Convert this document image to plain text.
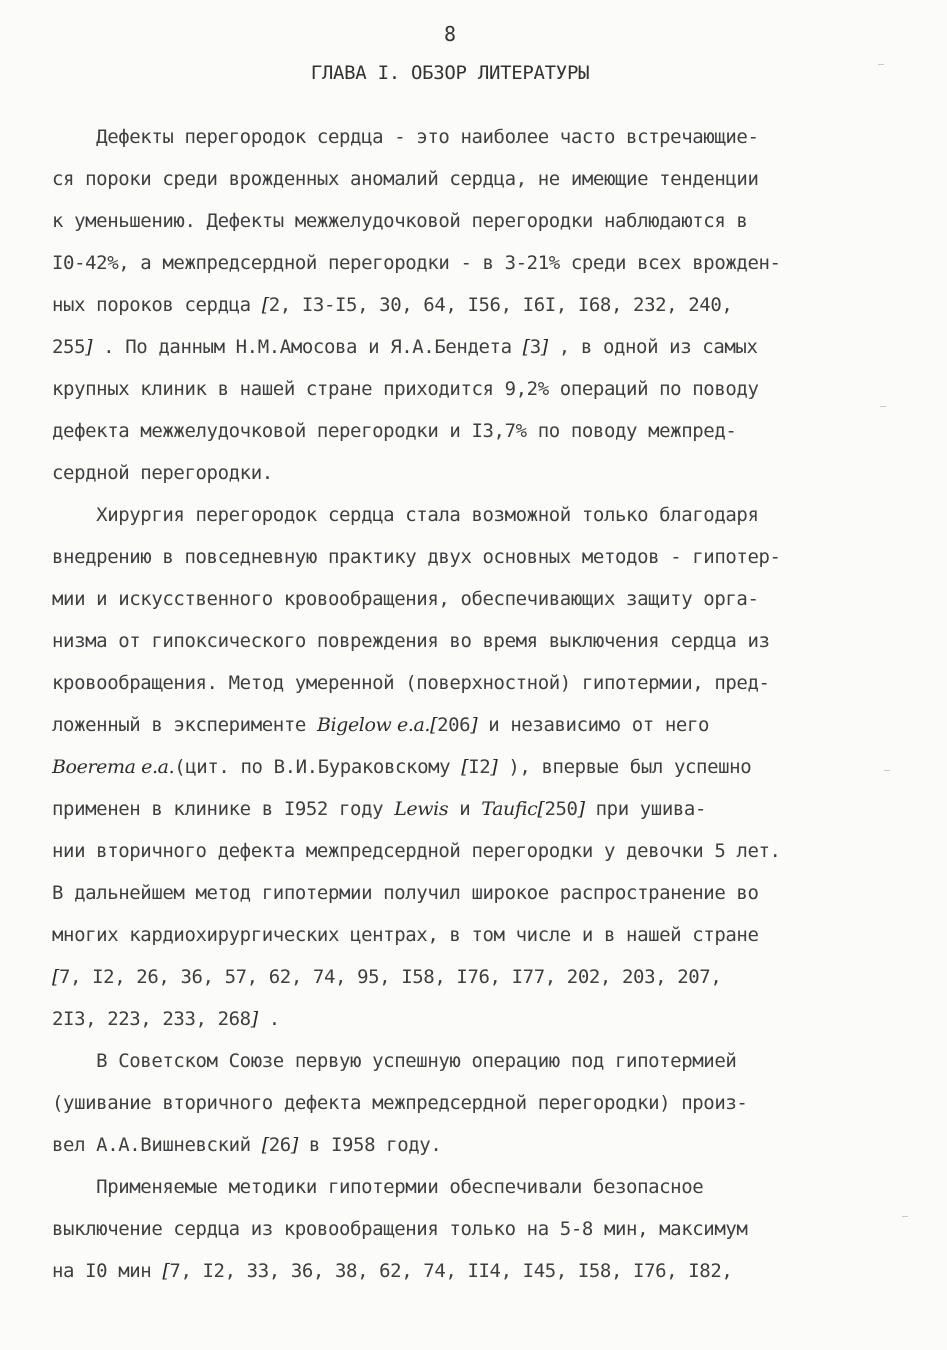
8
ГЛАВА I. ОБЗОР ЛИТЕРАТУРЫ
Дефекты перегородок сердца - это наиболее часто встречающие-
ся пороки среди врожденных аномалий сердца, не имеющие тенденции
к уменьшению. Дефекты межжелудочковой перегородки наблюдаются в
I0-42%, а межпредсердной перегородки - в 3-21% среди всех врожден-
ных пороков сердца [2, I3-I5, 30, 64, I56, I6I, I68, 232, 240,
255] . По данным Н.М.Амосова и Я.А.Бендета [3] , в одной из самых
крупных клиник в нашей стране приходится 9,2% операций по поводу
дефекта межжелудочковой перегородки и I3,7% по поводу межпред-
сердной перегородки.
Хирургия перегородок сердца стала возможной только благодаря
внедрению в повседневную практику двух основных методов - гипотер-
мии и искусственного кровообращения, обеспечивающих защиту орга-
низма от гипоксического повреждения во время выключения сердца из
кровообращения. Метод умеренной (поверхностной) гипотермии, пред-
ложенный в эксперименте Bigelow e.a.[206] и независимо от него
Boerema e.a.(цит. по В.И.Бураковскому [I2] ), впервые был успешно
применен в клинике в I952 году Lewis и Taufic[250] при ушива-
нии вторичного дефекта межпредсердной перегородки у девочки 5 лет.
В дальнейшем метод гипотермии получил широкое распространение во
многих кардиохирургических центрах, в том числе и в нашей стране
[7, I2, 26, 36, 57, 62, 74, 95, I58, I76, I77, 202, 203, 207,
2I3, 223, 233, 268] .
В Советском Союзе первую успешную операцию под гипотермией
(ушивание вторичного дефекта межпредсердной перегородки) произ-
вел А.А.Вишневский [26] в I958 году.
Применяемые методики гипотермии обеспечивали безопасное
выключение сердца из кровообращения только на 5-8 мин, максимум
на I0 мин [7, I2, 33, 36, 38, 62, 74, II4, I45, I58, I76, I82,
